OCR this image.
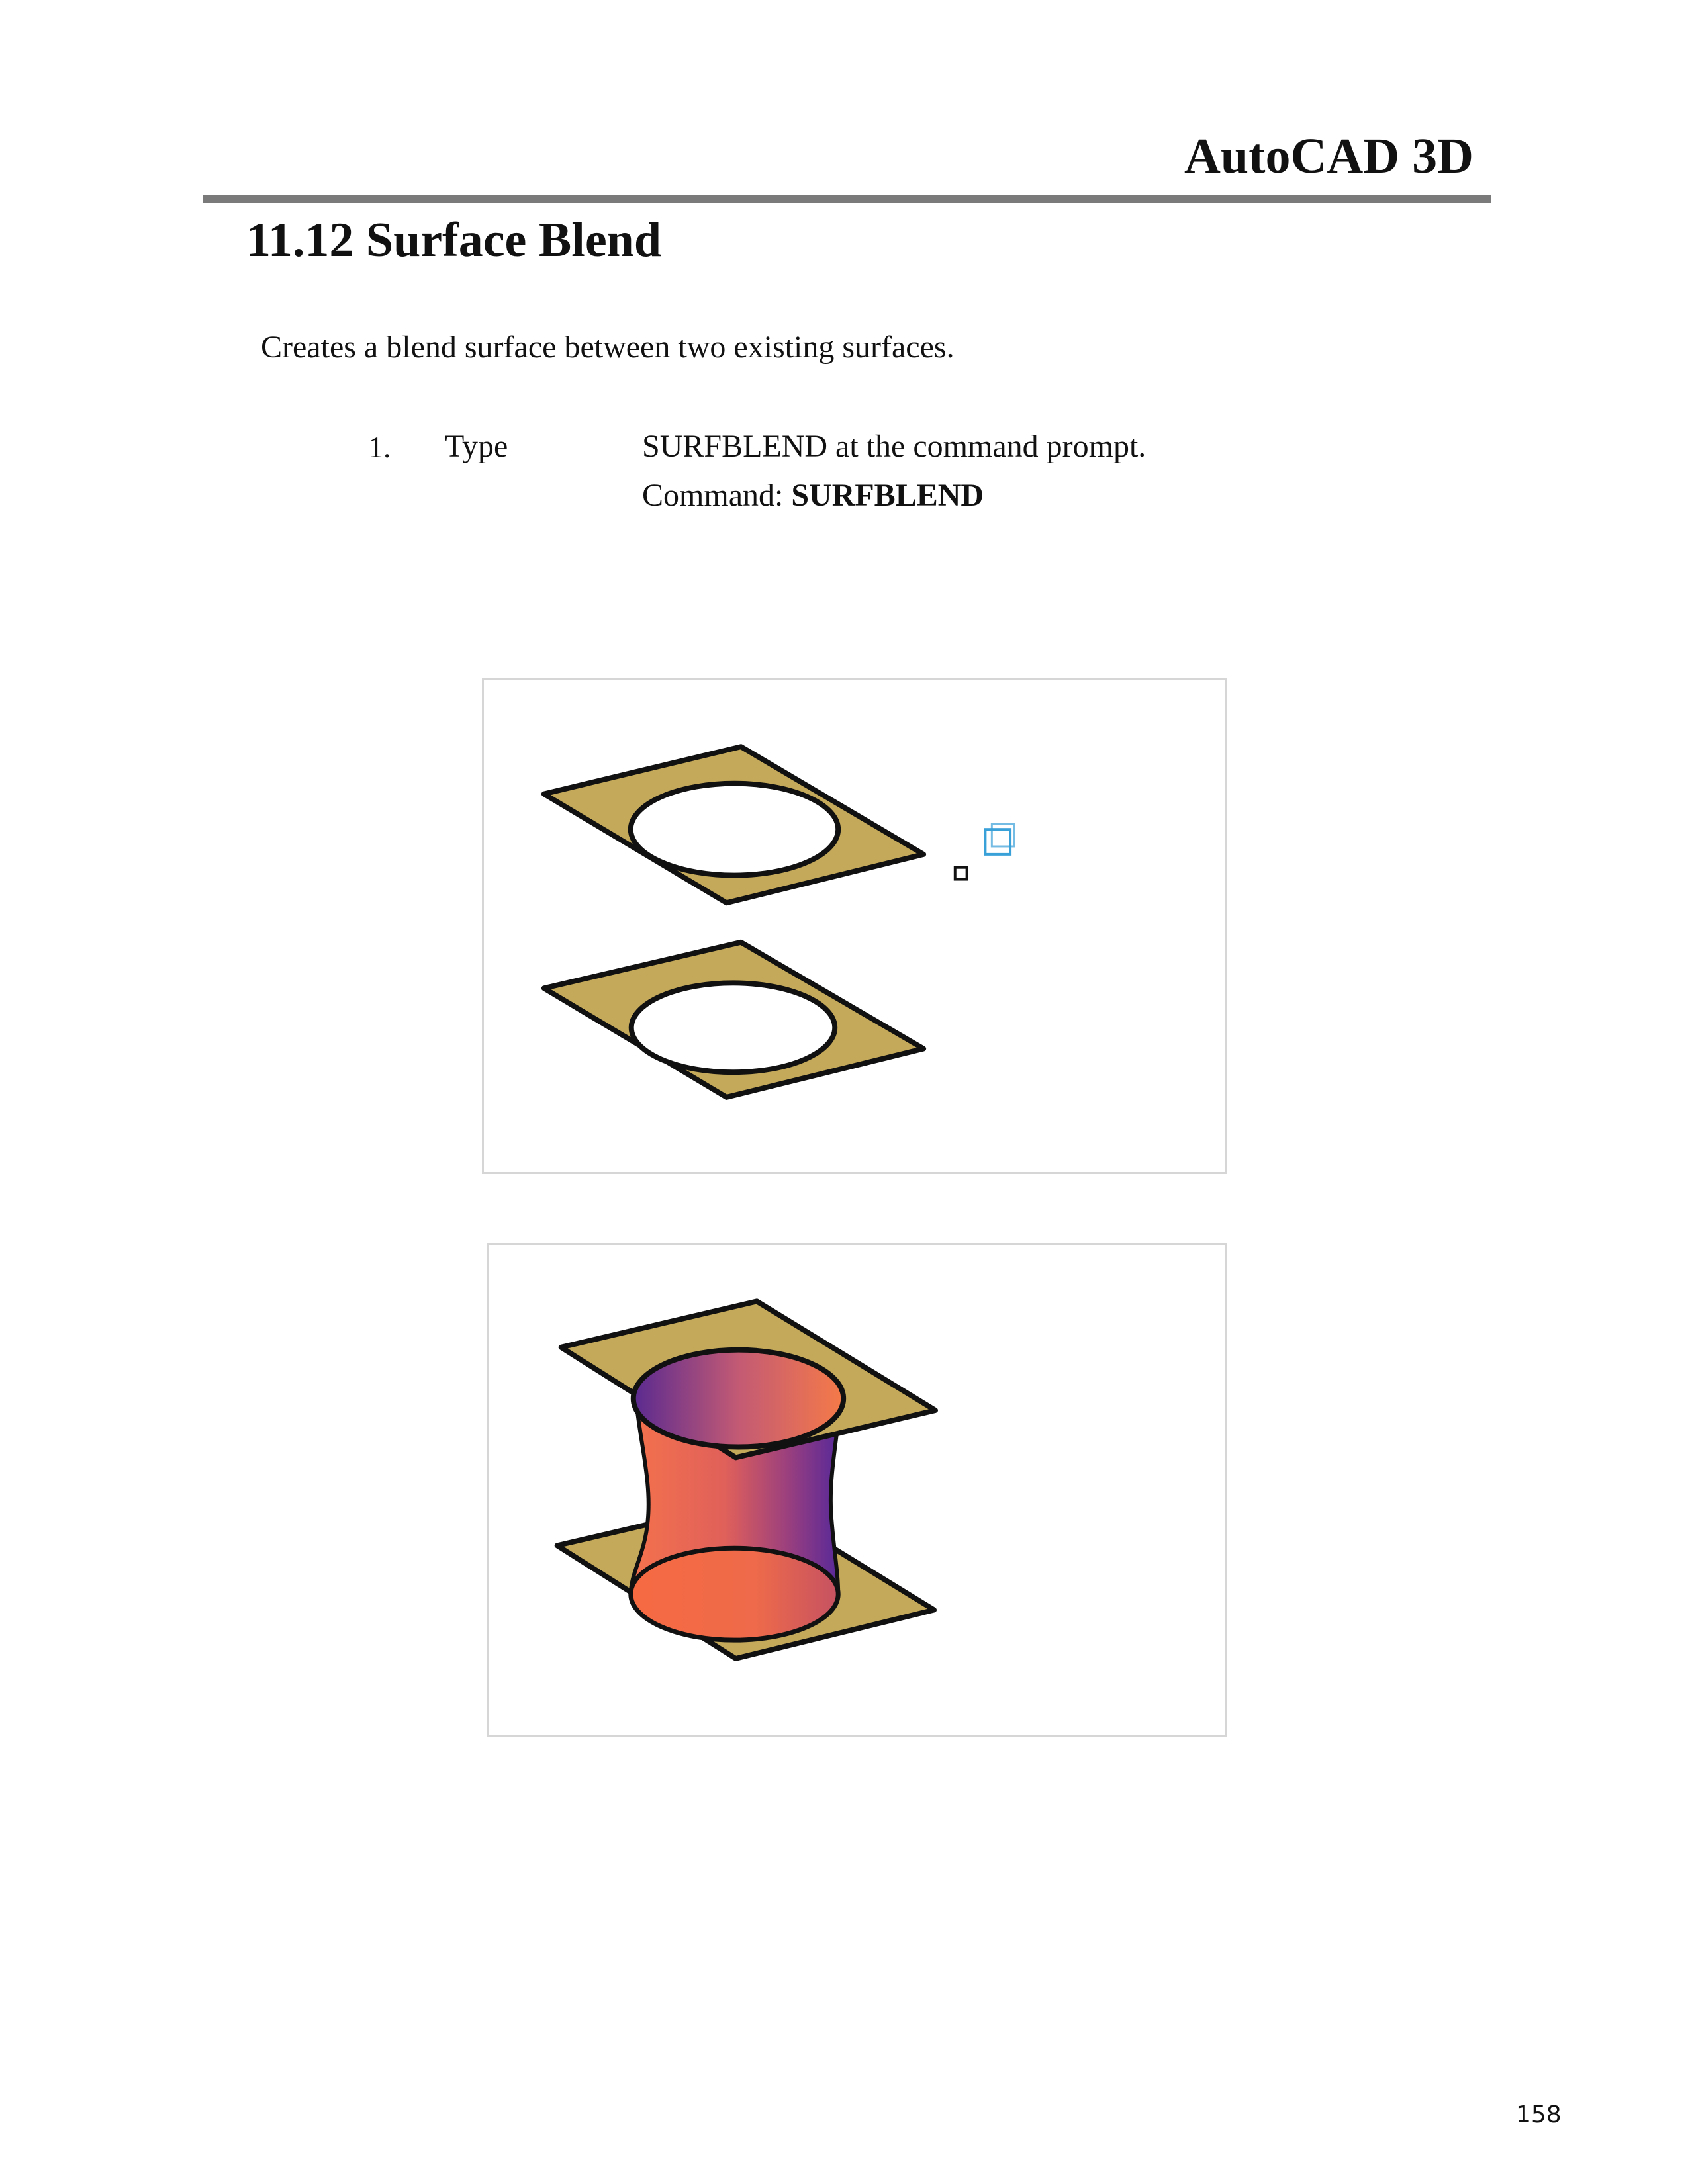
AutoCAD 3D
11.12 Surface Blend
Creates a blend surface between two existing surfaces.
1. Type	SURFBLEND at the command prompt.
Command: SURFBLEND
158
